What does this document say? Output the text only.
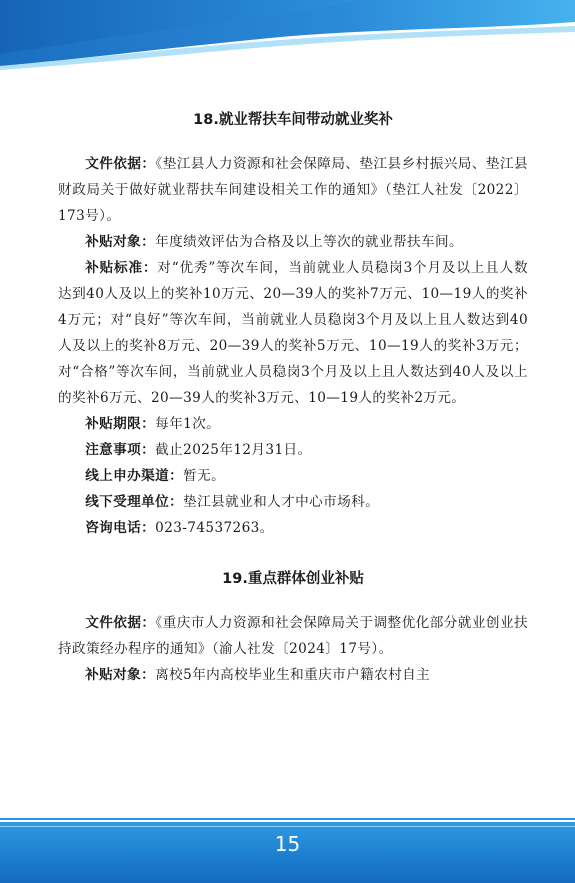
18.就业帮扶车间带动就业奖补

文件依据：《垫江县人力资源和社会保障局、垫江县乡村振兴局、垫江县财政局关于做好就业帮扶车间建设相关工作的通知》（垫江人社发〔2022〕173号）。

补贴对象：年度绩效评估为合格及以上等次的就业帮扶车间。

补贴标准：对“优秀”等次车间，当前就业人员稳岗3个月及以上且人数达到40人及以上的奖补10万元、20—39人的奖补7万元、10—19人的奖补4万元；对“良好”等次车间，当前就业人员稳岗3个月及以上且人数达到40人及以上的奖补8万元、20—39人的奖补5万元、10—19人的奖补3万元；对“合格”等次车间，当前就业人员稳岗3个月及以上且人数达到40人及以上的奖补6万元、20—39人的奖补3万元、10—19人的奖补2万元。

补贴期限：每年1次。

注意事项：截止2025年12月31日。

线上申办渠道：暂无。

线下受理单位：垫江县就业和人才中心市场科。

咨询电话：023-74537263。

19.重点群体创业补贴

文件依据：《重庆市人力资源和社会保障局关于调整优化部分就业创业扶持政策经办程序的通知》（渝人社发〔2024〕17号）。

补贴对象：离校5年内高校毕业生和重庆市户籍农村自主

15
